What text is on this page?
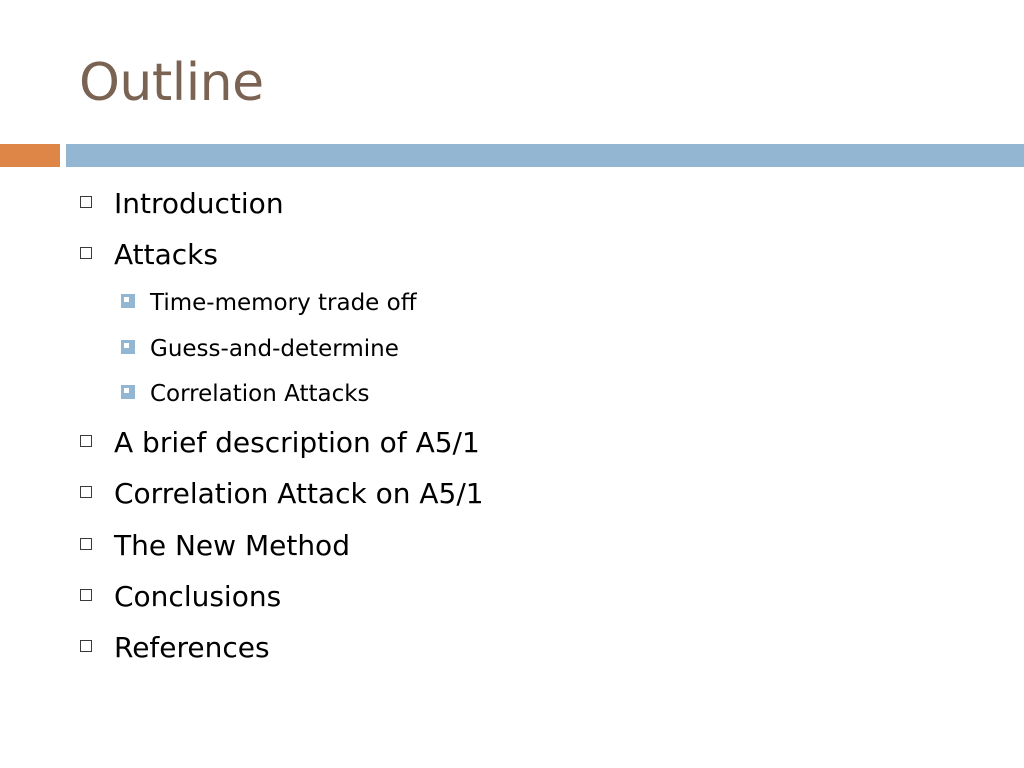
Outline
Introduction
Attacks
Time-memory trade off
Guess-and-determine
Correlation Attacks
A brief description of A5/1
Correlation Attack on A5/1
The New Method
Conclusions
References
